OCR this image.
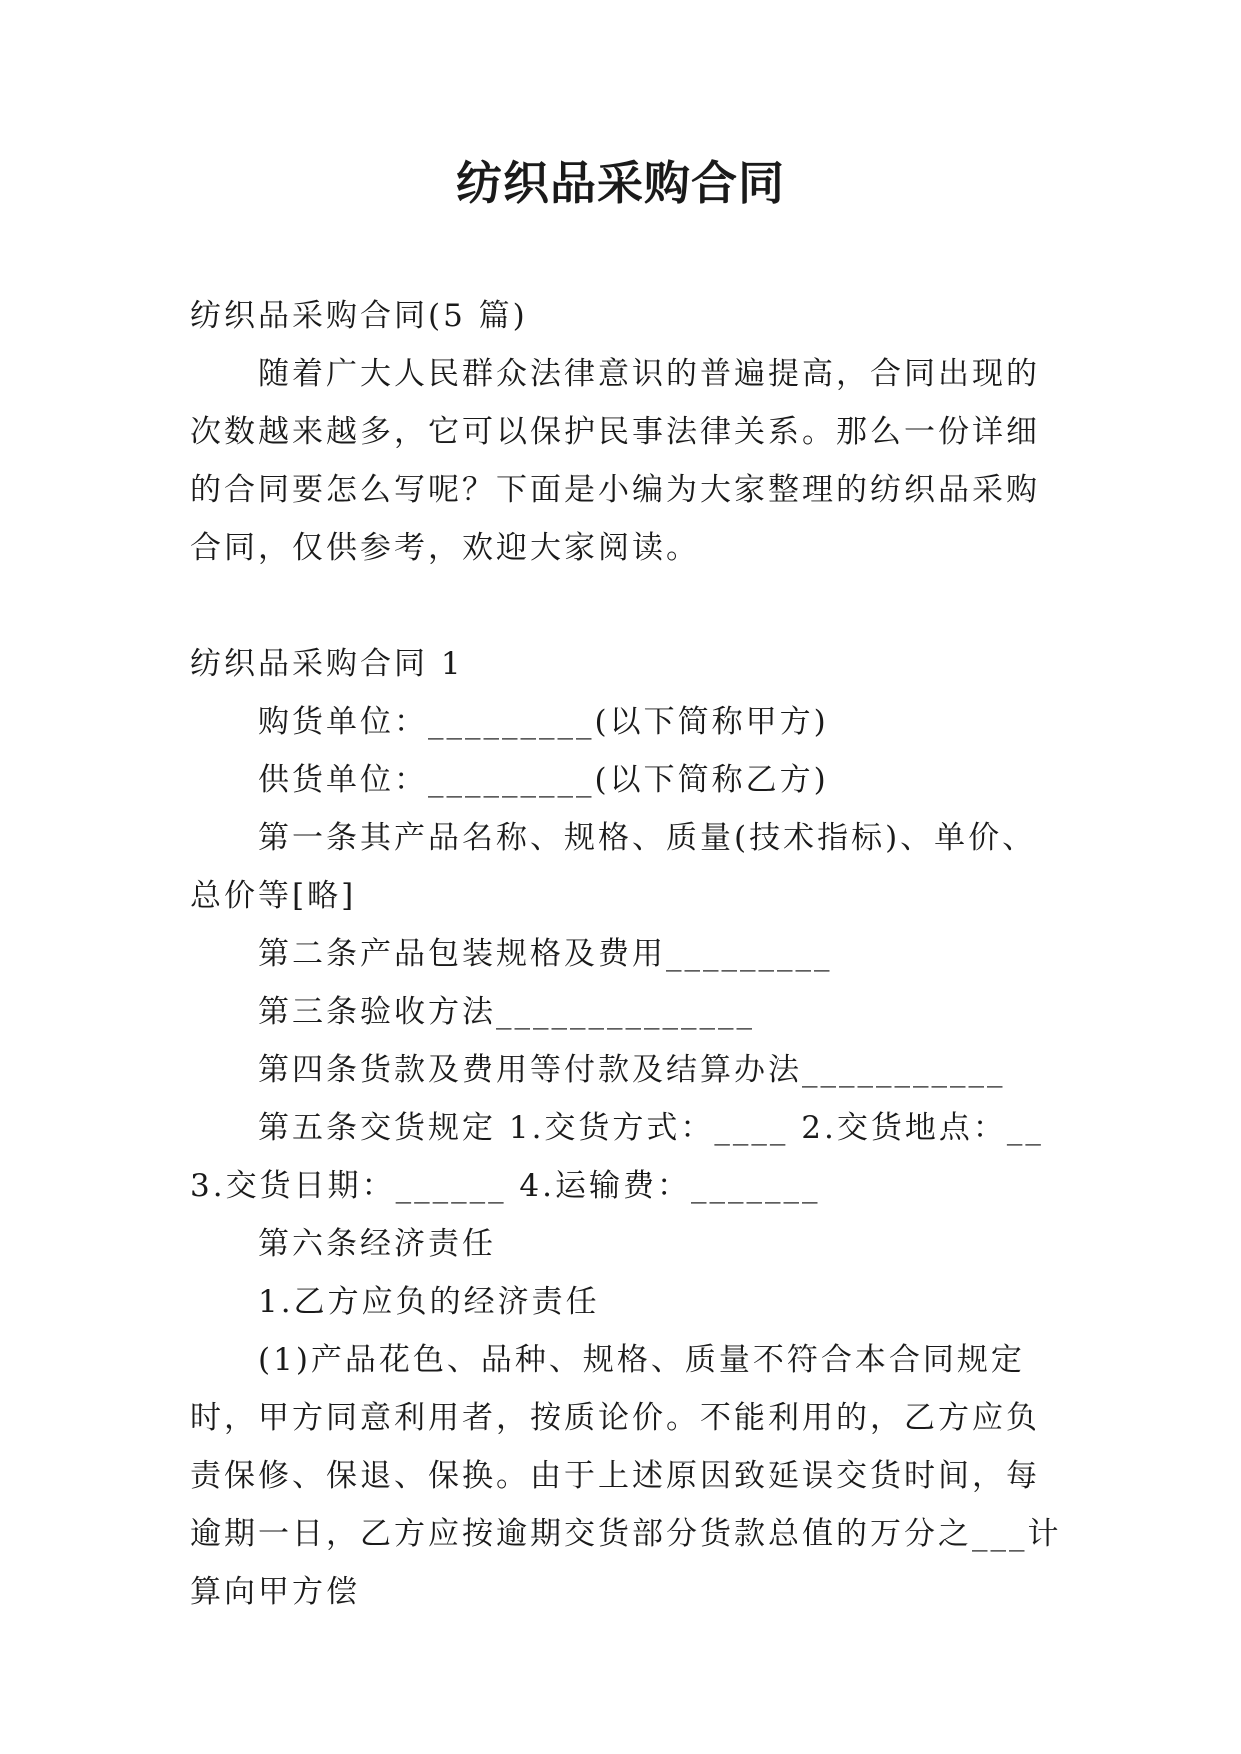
纺织品采购合同

纺织品采购合同(5 篇)

随着广大人民群众法律意识的普遍提高，合同出现的次数越来越多，它可以保护民事法律关系。那么一份详细的合同要怎么写呢？下面是小编为大家整理的纺织品采购合同，仅供参考，欢迎大家阅读。

纺织品采购合同 1

购货单位：_________(以下简称甲方)

供货单位：_________(以下简称乙方)

第一条其产品名称、规格、质量(技术指标)、单价、总价等[略]

第二条产品包装规格及费用_________

第三条验收方法______________

第四条货款及费用等付款及结算办法___________

第五条交货规定 1.交货方式：____ 2.交货地点：__ 3.交货日期：______ 4.运输费：_______

第六条经济责任

1.乙方应负的经济责任

(1)产品花色、品种、规格、质量不符合本合同规定时，甲方同意利用者，按质论价。不能利用的，乙方应负责保修、保退、保换。由于上述原因致延误交货时间，每逾期一日，乙方应按逾期交货部分货款总值的万分之___计算向甲方偿
